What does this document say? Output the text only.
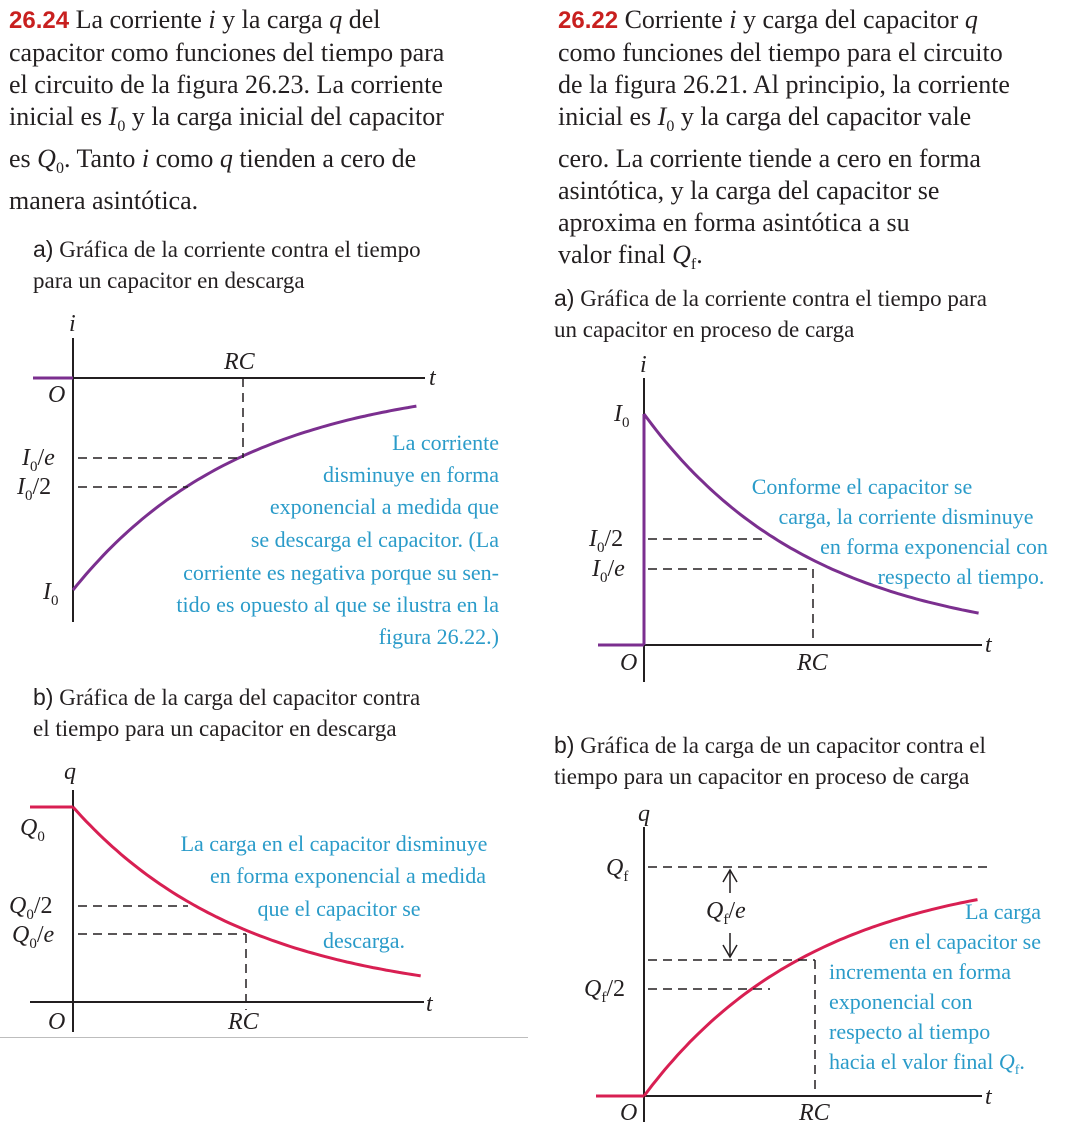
26.24 La corriente i y la carga q del
capacitor como funciones del tiempo para
el circuito de la figura 26.23. La corriente
inicial es $I_0$ y la carga inicial del capacitor
es $Q_0$. Tanto i como q tienden a cero de
manera asintótica.
a) Gráfica de la corriente contra el tiempo
para un capacitor en descarga
b) Gráfica de la carga del capacitor contra
el tiempo para un capacitor en descarga
26.22 Corriente i y carga del capacitor q
como funciones del tiempo para el circuito
de la figura 26.21. Al principio, la corriente
inicial es $I_0$ y la carga del capacitor vale
cero. La corriente tiende a cero en forma
asintótica, y la carga del capacitor se
aproxima en forma asintótica a su
valor final $Q_f$.
a) Gráfica de la corriente contra el tiempo para
un capacitor en proceso de carga
b) Gráfica de la carga de un capacitor contra el
tiempo para un capacitor en proceso de carga
i
t
O
RC
$I_0/e$
$I_0/2$
$I_0$
La corriente
disminuye en forma
exponencial a medida que
se descarga el capacitor. (La
corriente es negativa porque su sen-
tido es opuesto al que se ilustra en la
figura 26.22.)
q
t
O	RC
$Q_0$
$Q_0/2$
$Q_0/e$
La carga en el capacitor disminuye
en forma exponencial a medida
que el capacitor se
descarga.
i
t
O	RC
$I_0$
$I_0/2$
$I_0/e$
Conforme el capacitor se
carga, la corriente disminuye
en forma exponencial con
respecto al tiempo.
$Q_f/e$
q
t
O	RC
$Q_f$
$Q_f/2$
La carga
en el capacitor se
incrementa en forma
exponencial con
respecto al tiempo
hacia el valor final $Q_f$.
